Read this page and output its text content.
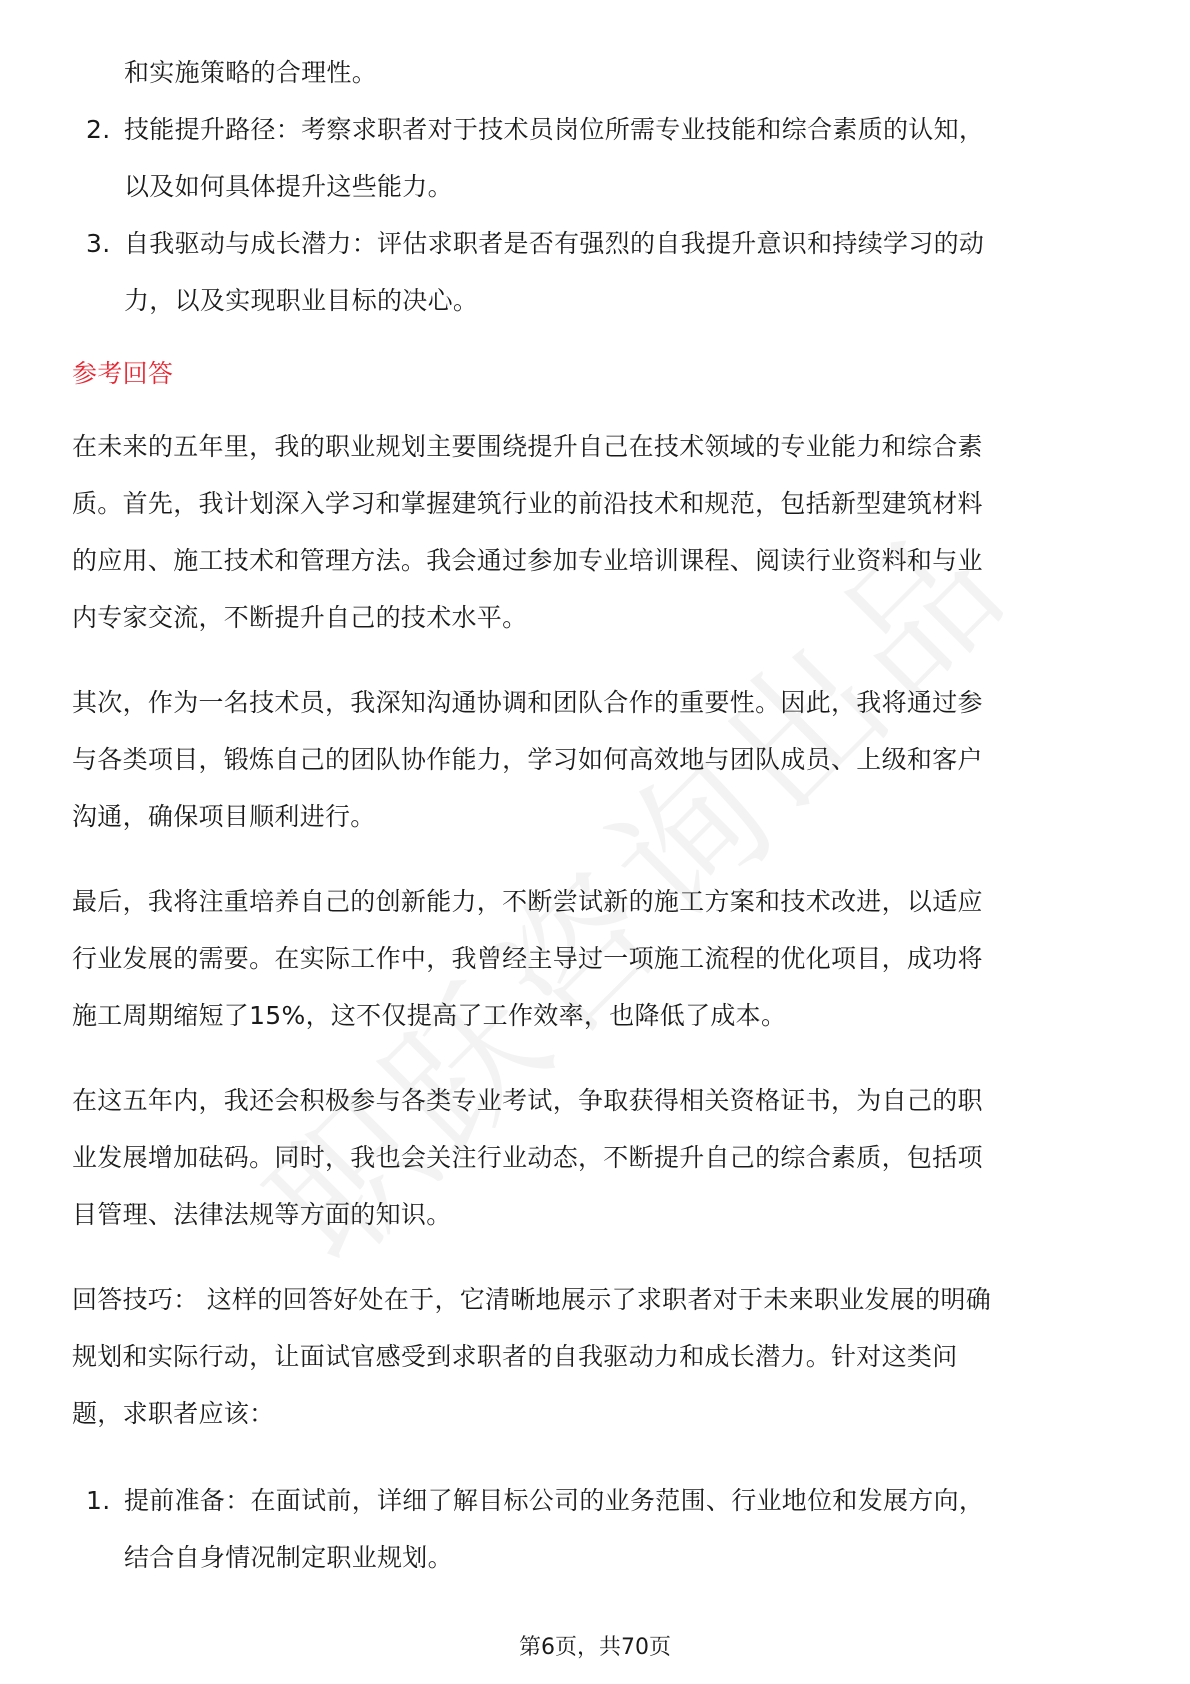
和实施策略的合理性。
2. 技能提升路径：考察求职者对于技术员岗位所需专业技能和综合素质的认知，
以及如何具体提升这些能力。
3. 自我驱动与成长潜力：评估求职者是否有强烈的自我提升意识和持续学习的动
力，以及实现职业目标的决心。
参考回答
在未来的五年里，我的职业规划主要围绕提升自己在技术领域的专业能力和综合素
质。首先，我计划深入学习和掌握建筑行业的前沿技术和规范，包括新型建筑材料
的应用、施工技术和管理方法。我会通过参加专业培训课程、阅读行业资料和与业
内专家交流，不断提升自己的技术水平。
其次，作为一名技术员，我深知沟通协调和团队合作的重要性。因此，我将通过参
与各类项目，锻炼自己的团队协作能力，学习如何高效地与团队成员、上级和客户
沟通，确保项目顺利进行。
最后，我将注重培养自己的创新能力，不断尝试新的施工方案和技术改进，以适应
行业发展的需要。在实际工作中，我曾经主导过一项施工流程的优化项目，成功将
施工周期缩短了15%，这不仅提高了工作效率，也降低了成本。
在这五年内，我还会积极参与各类专业考试，争取获得相关资格证书，为自己的职
业发展增加砝码。同时，我也会关注行业动态，不断提升自己的综合素质，包括项
目管理、法律法规等方面的知识。
回答技巧： 这样的回答好处在于，它清晰地展示了求职者对于未来职业发展的明确
规划和实际行动，让面试官感受到求职者的自我驱动力和成长潜力。针对这类问
题，求职者应该：
1. 提前准备：在面试前，详细了解目标公司的业务范围、行业地位和发展方向，
结合自身情况制定职业规划。
第6页，共70页
